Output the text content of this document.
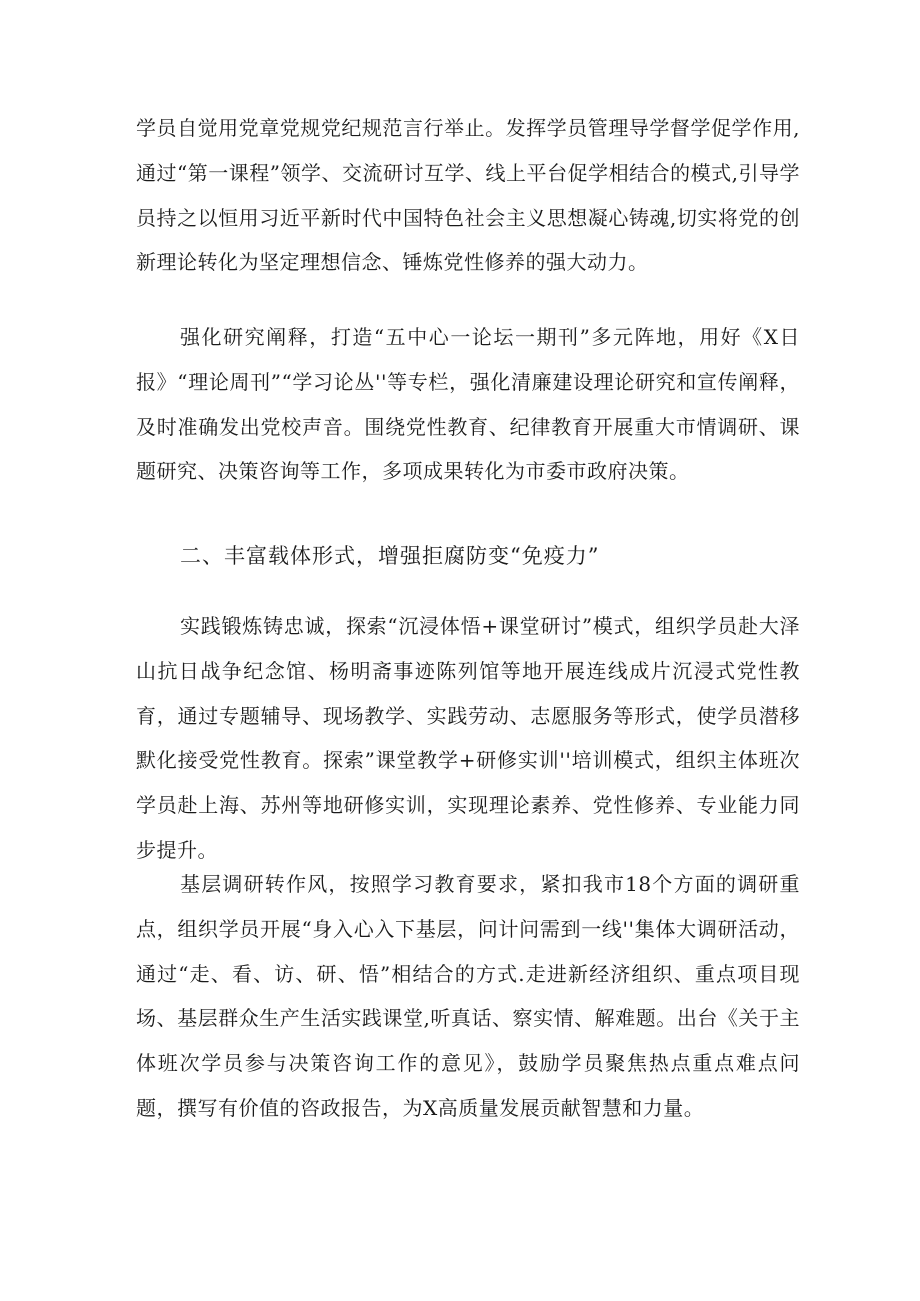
学员自觉用党章党规党纪规范言行举止。发挥学员管理导学督学促学作用,通过“第一课程”领学、交流研讨互学、线上平台促学相结合的模式,引导学员持之以恒用习近平新时代中国特色社会主义思想凝心铸魂,切实将党的创新理论转化为坚定理想信念、锤炼党性修养的强大动力。

强化研究阐释，打造“五中心一论坛一期刊”多元阵地，用好《X日报》“理论周刊”“学习论丛''等专栏，强化清廉建设理论研究和宣传阐释，及时准确发出党校声音。围绕党性教育、纪律教育开展重大市情调研、课题研究、决策咨询等工作，多项成果转化为市委市政府决策。

二、丰富载体形式，增强拒腐防变“免疫力”

实践锻炼铸忠诚，探索“沉浸体悟+课堂研讨”模式，组织学员赴大泽山抗日战争纪念馆、杨明斋事迹陈列馆等地开展连线成片沉浸式党性教育，通过专题辅导、现场教学、实践劳动、志愿服务等形式，使学员潜移默化接受党性教育。探索”课堂教学+研修实训''培训模式，组织主体班次学员赴上海、苏州等地研修实训，实现理论素养、党性修养、专业能力同步提升。

基层调研转作风，按照学习教育要求，紧扣我市18个方面的调研重点，组织学员开展“身入心入下基层，问计问需到一线''集体大调研活动，通过“走、看、访、研、悟”相结合的方式.走进新经济组织、重点项目现场、基层群众生产生活实践课堂,听真话、察实情、解难题。出台《关于主体班次学员参与决策咨询工作的意见》，鼓励学员聚焦热点重点难点问题，撰写有价值的咨政报告，为X高质量发展贡献智慧和力量。
